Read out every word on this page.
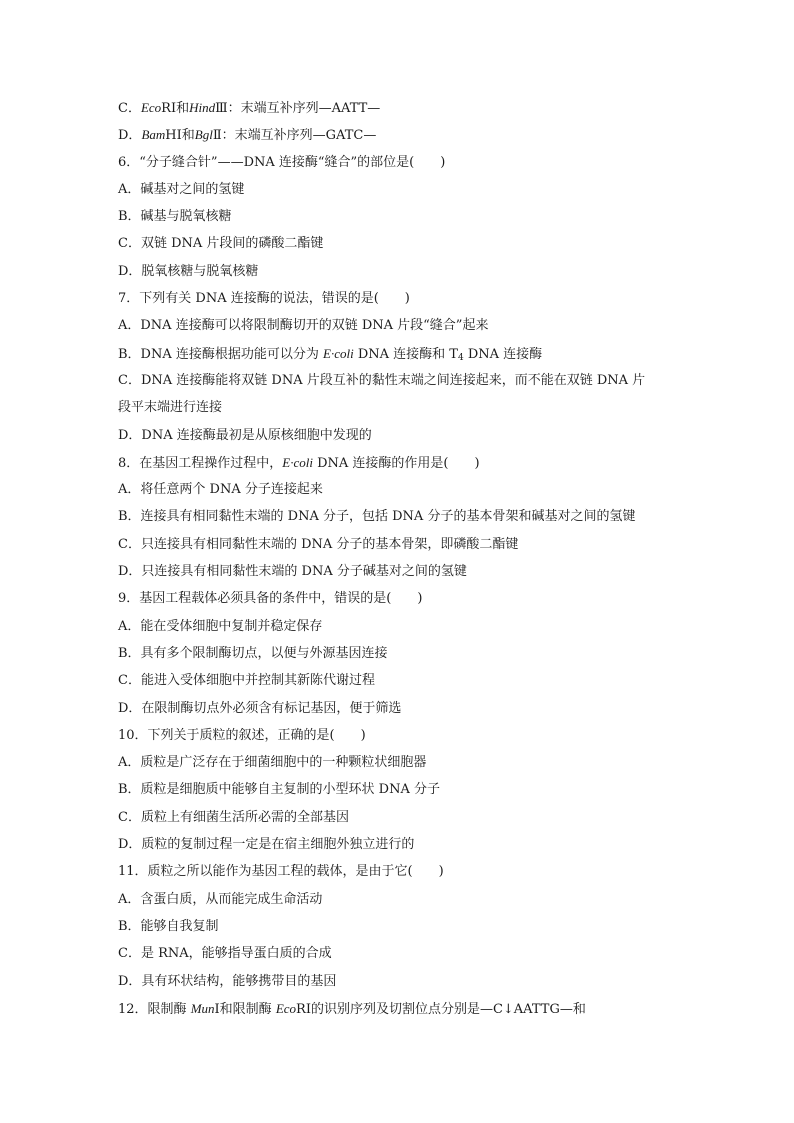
C．EcoRⅠ和HindⅢ：末端互补序列—AATT—
D．BamHⅠ和BglⅡ：末端互补序列—GATC—
6．“分子缝合针”——DNA 连接酶“缝合”的部位是(　　)
A．碱基对之间的氢键
B．碱基与脱氧核糖
C．双链 DNA 片段间的磷酸二酯键
D．脱氧核糖与脱氧核糖
7．下列有关 DNA 连接酶的说法，错误的是(　　)
A．DNA 连接酶可以将限制酶切开的双链 DNA 片段“缝合”起来
B．DNA 连接酶根据功能可以分为 E·coli DNA 连接酶和 $T_4$ DNA 连接酶
C．DNA 连接酶能将双链 DNA 片段互补的黏性末端之间连接起来，而不能在双链 DNA 片
段平末端进行连接
D．DNA 连接酶最初是从原核细胞中发现的
8．在基因工程操作过程中，E·coli DNA 连接酶的作用是(　　)
A．将任意两个 DNA 分子连接起来
B．连接具有相同黏性末端的 DNA 分子，包括 DNA 分子的基本骨架和碱基对之间的氢键
C．只连接具有相同黏性末端的 DNA 分子的基本骨架，即磷酸二酯键
D．只连接具有相同黏性末端的 DNA 分子碱基对之间的氢键
9．基因工程载体必须具备的条件中，错误的是(　　)
A．能在受体细胞中复制并稳定保存
B．具有多个限制酶切点，以便与外源基因连接
C．能进入受体细胞中并控制其新陈代谢过程
D．在限制酶切点外必须含有标记基因，便于筛选
10．下列关于质粒的叙述，正确的是(　　)
A．质粒是广泛存在于细菌细胞中的一种颗粒状细胞器
B．质粒是细胞质中能够自主复制的小型环状 DNA 分子
C．质粒上有细菌生活所必需的全部基因
D．质粒的复制过程一定是在宿主细胞外独立进行的
11．质粒之所以能作为基因工程的载体，是由于它(　　)
A．含蛋白质，从而能完成生命活动
B．能够自我复制
C．是 RNA，能够指导蛋白质的合成
D．具有环状结构，能够携带目的基因
12．限制酶 MunⅠ和限制酶 EcoRⅠ的识别序列及切割位点分别是—C↓AATTG—和
